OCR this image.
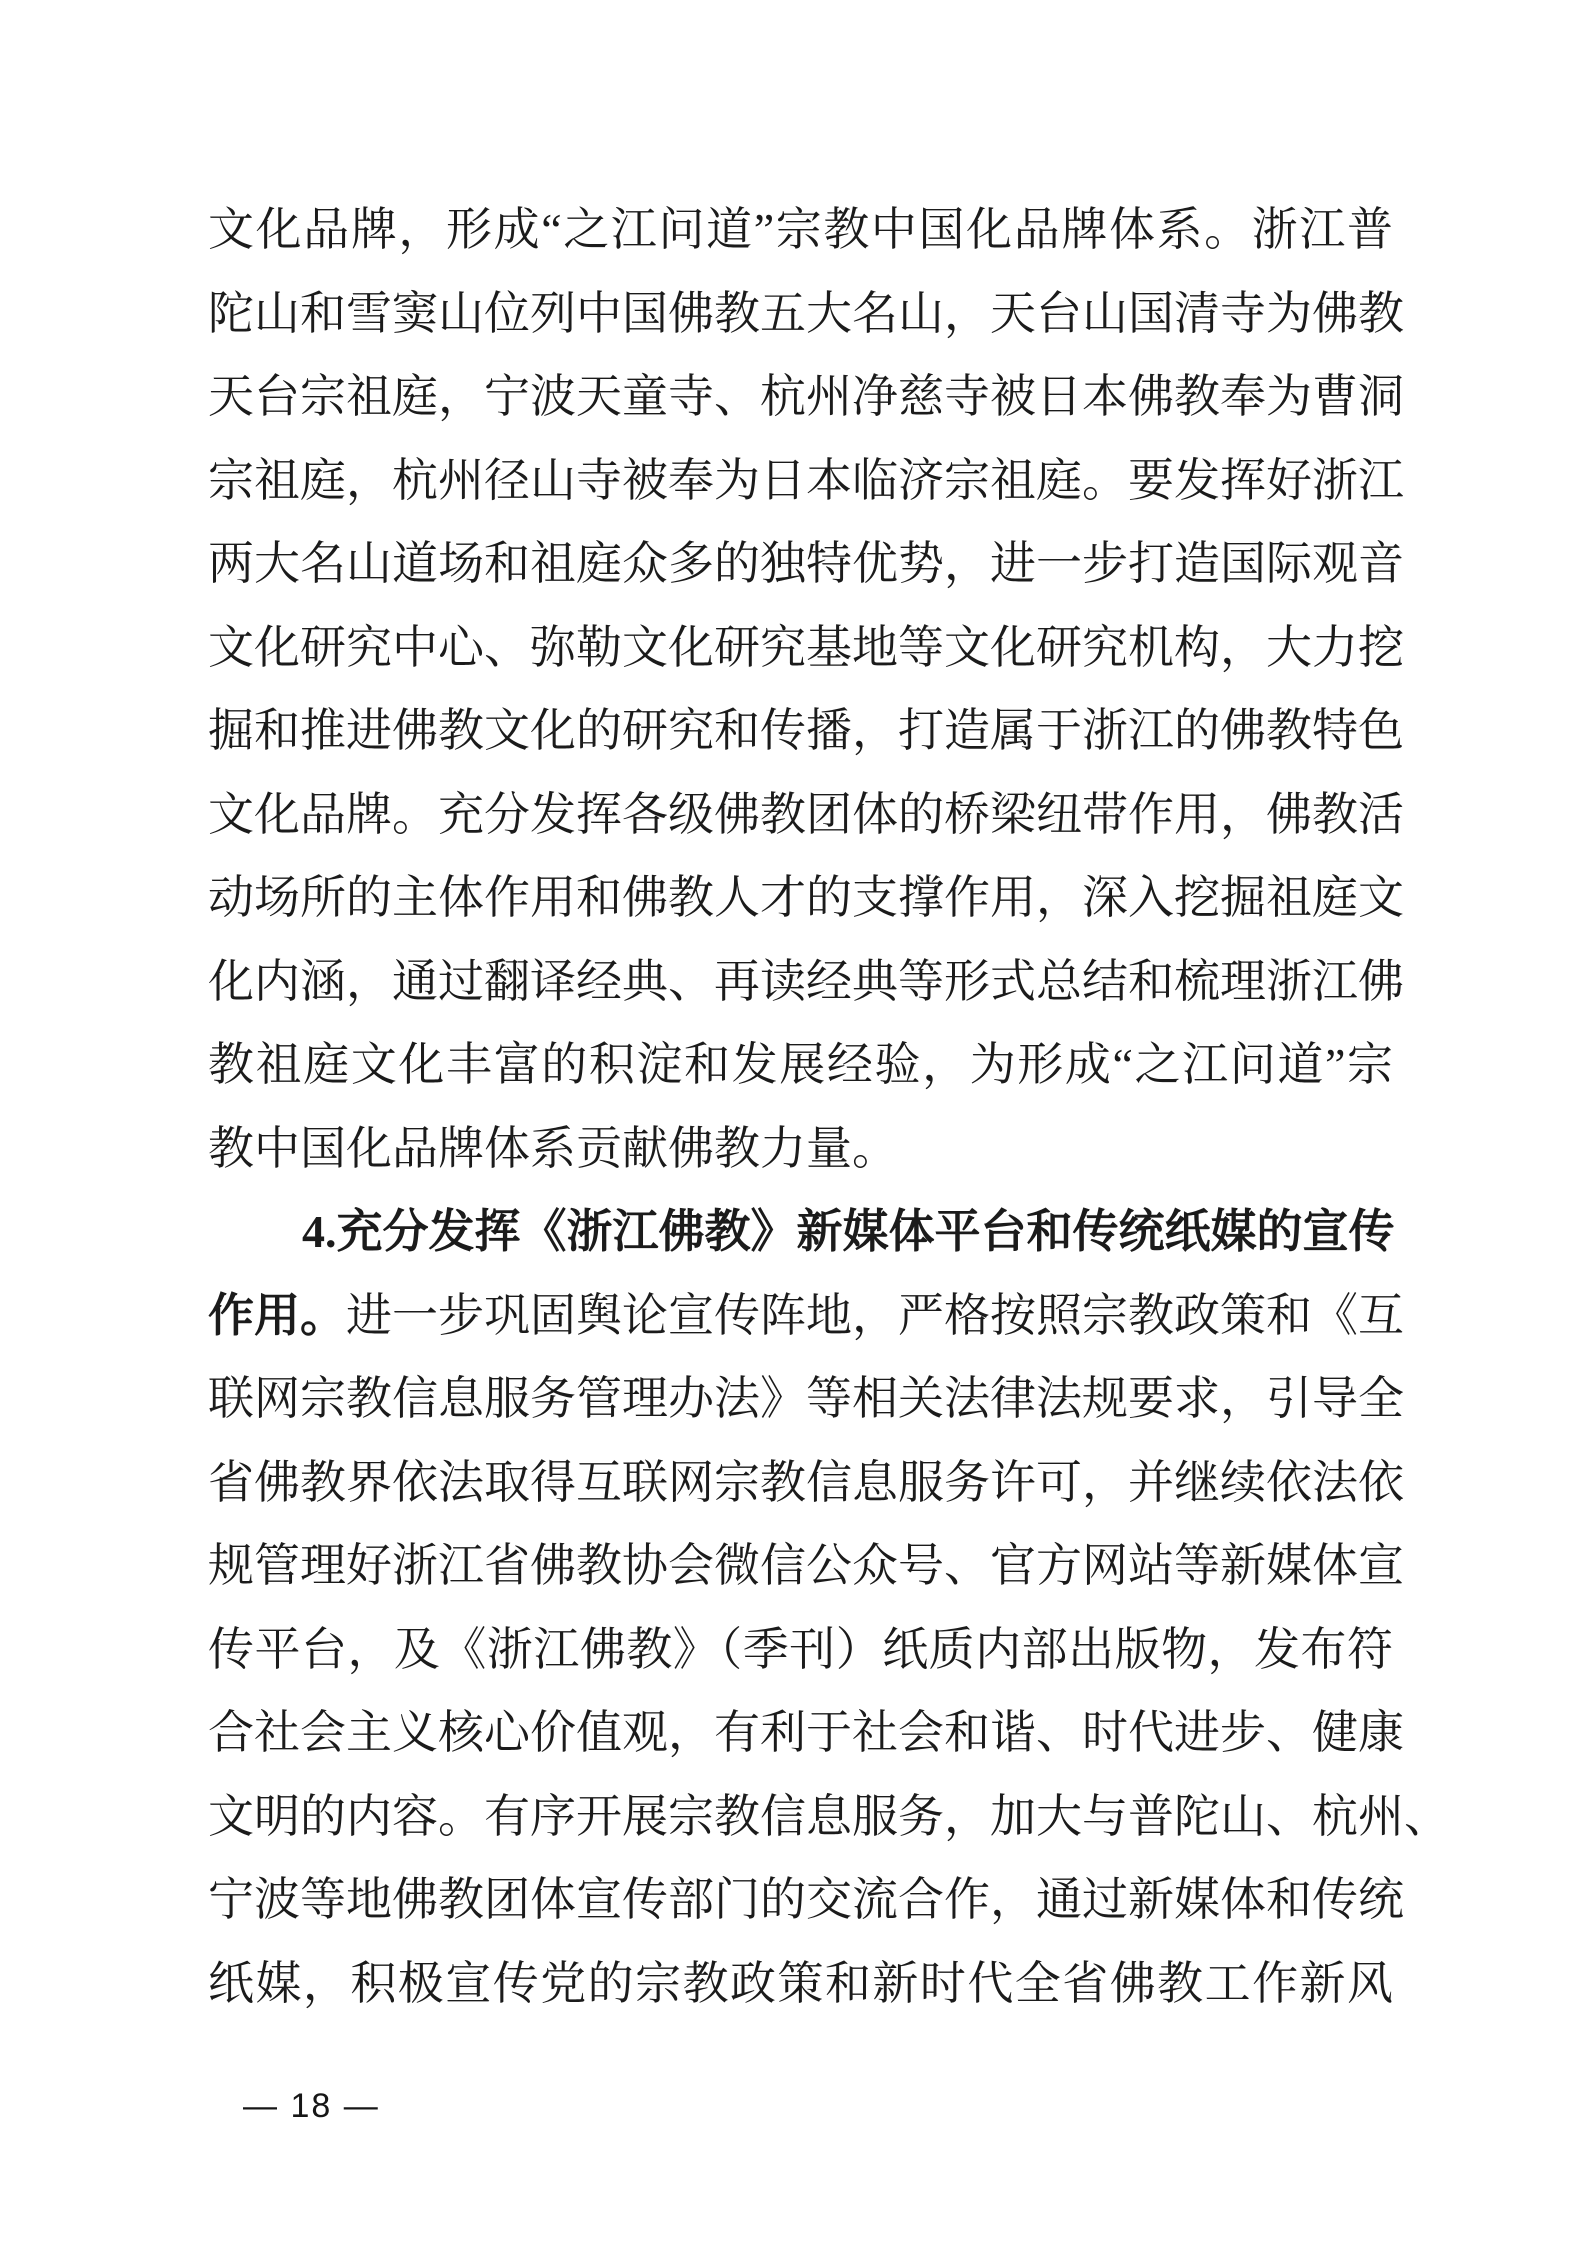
文化品牌，形成“之江问道”宗教中国化品牌体系。浙江普
陀山和雪窦山位列中国佛教五大名山，天台山国清寺为佛教
天台宗祖庭，宁波天童寺、杭州净慈寺被日本佛教奉为曹洞
宗祖庭，杭州径山寺被奉为日本临济宗祖庭。要发挥好浙江
两大名山道场和祖庭众多的独特优势，进一步打造国际观音
文化研究中心、弥勒文化研究基地等文化研究机构，大力挖
掘和推进佛教文化的研究和传播，打造属于浙江的佛教特色
文化品牌。充分发挥各级佛教团体的桥梁纽带作用，佛教活
动场所的主体作用和佛教人才的支撑作用，深入挖掘祖庭文
化内涵，通过翻译经典、再读经典等形式总结和梳理浙江佛
教祖庭文化丰富的积淀和发展经验，为形成“之江问道”宗
教中国化品牌体系贡献佛教力量。
4.充分发挥《浙江佛教》新媒体平台和传统纸媒的宣传
作用。进一步巩固舆论宣传阵地，严格按照宗教政策和《互
联网宗教信息服务管理办法》等相关法律法规要求，引导全
省佛教界依法取得互联网宗教信息服务许可，并继续依法依
规管理好浙江省佛教协会微信公众号、官方网站等新媒体宣
传平台，及《浙江佛教》（季刊）纸质内部出版物，发布符
合社会主义核心价值观，有利于社会和谐、时代进步、健康
文明的内容。有序开展宗教信息服务，加大与普陀山、杭州、
宁波等地佛教团体宣传部门的交流合作，通过新媒体和传统
纸媒，积极宣传党的宗教政策和新时代全省佛教工作新风
— 18 —
